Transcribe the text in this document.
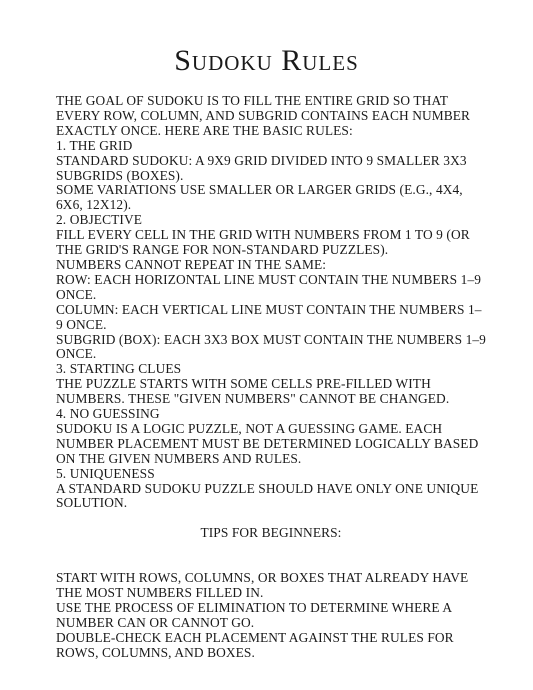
Sudoku Rules

THE GOAL OF SUDOKU IS TO FILL THE ENTIRE GRID SO THAT EVERY ROW, COLUMN, AND SUBGRID CONTAINS EACH NUMBER EXACTLY ONCE. HERE ARE THE BASIC RULES:

1. THE GRID

STANDARD SUDOKU: A 9X9 GRID DIVIDED INTO 9 SMALLER 3X3 SUBGRIDS (BOXES).

SOME VARIATIONS USE SMALLER OR LARGER GRIDS (E.G., 4X4, 6X6, 12X12).

2. OBJECTIVE

FILL EVERY CELL IN THE GRID WITH NUMBERS FROM 1 TO 9 (OR THE GRID'S RANGE FOR NON-STANDARD PUZZLES).

NUMBERS CANNOT REPEAT IN THE SAME:

ROW: EACH HORIZONTAL LINE MUST CONTAIN THE NUMBERS 1–9 ONCE.

COLUMN: EACH VERTICAL LINE MUST CONTAIN THE NUMBERS 1–9 ONCE.

SUBGRID (BOX): EACH 3X3 BOX MUST CONTAIN THE NUMBERS 1–9 ONCE.

3. STARTING CLUES

THE PUZZLE STARTS WITH SOME CELLS PRE-FILLED WITH NUMBERS. THESE "GIVEN NUMBERS" CANNOT BE CHANGED.

4. NO GUESSING

SUDOKU IS A LOGIC PUZZLE, NOT A GUESSING GAME. EACH NUMBER PLACEMENT MUST BE DETERMINED LOGICALLY BASED ON THE GIVEN NUMBERS AND RULES.

5. UNIQUENESS

A STANDARD SUDOKU PUZZLE SHOULD HAVE ONLY ONE UNIQUE SOLUTION.

TIPS FOR BEGINNERS:

START WITH ROWS, COLUMNS, OR BOXES THAT ALREADY HAVE THE MOST NUMBERS FILLED IN.

USE THE PROCESS OF ELIMINATION TO DETERMINE WHERE A NUMBER CAN OR CANNOT GO.

DOUBLE-CHECK EACH PLACEMENT AGAINST THE RULES FOR ROWS, COLUMNS, AND BOXES.
